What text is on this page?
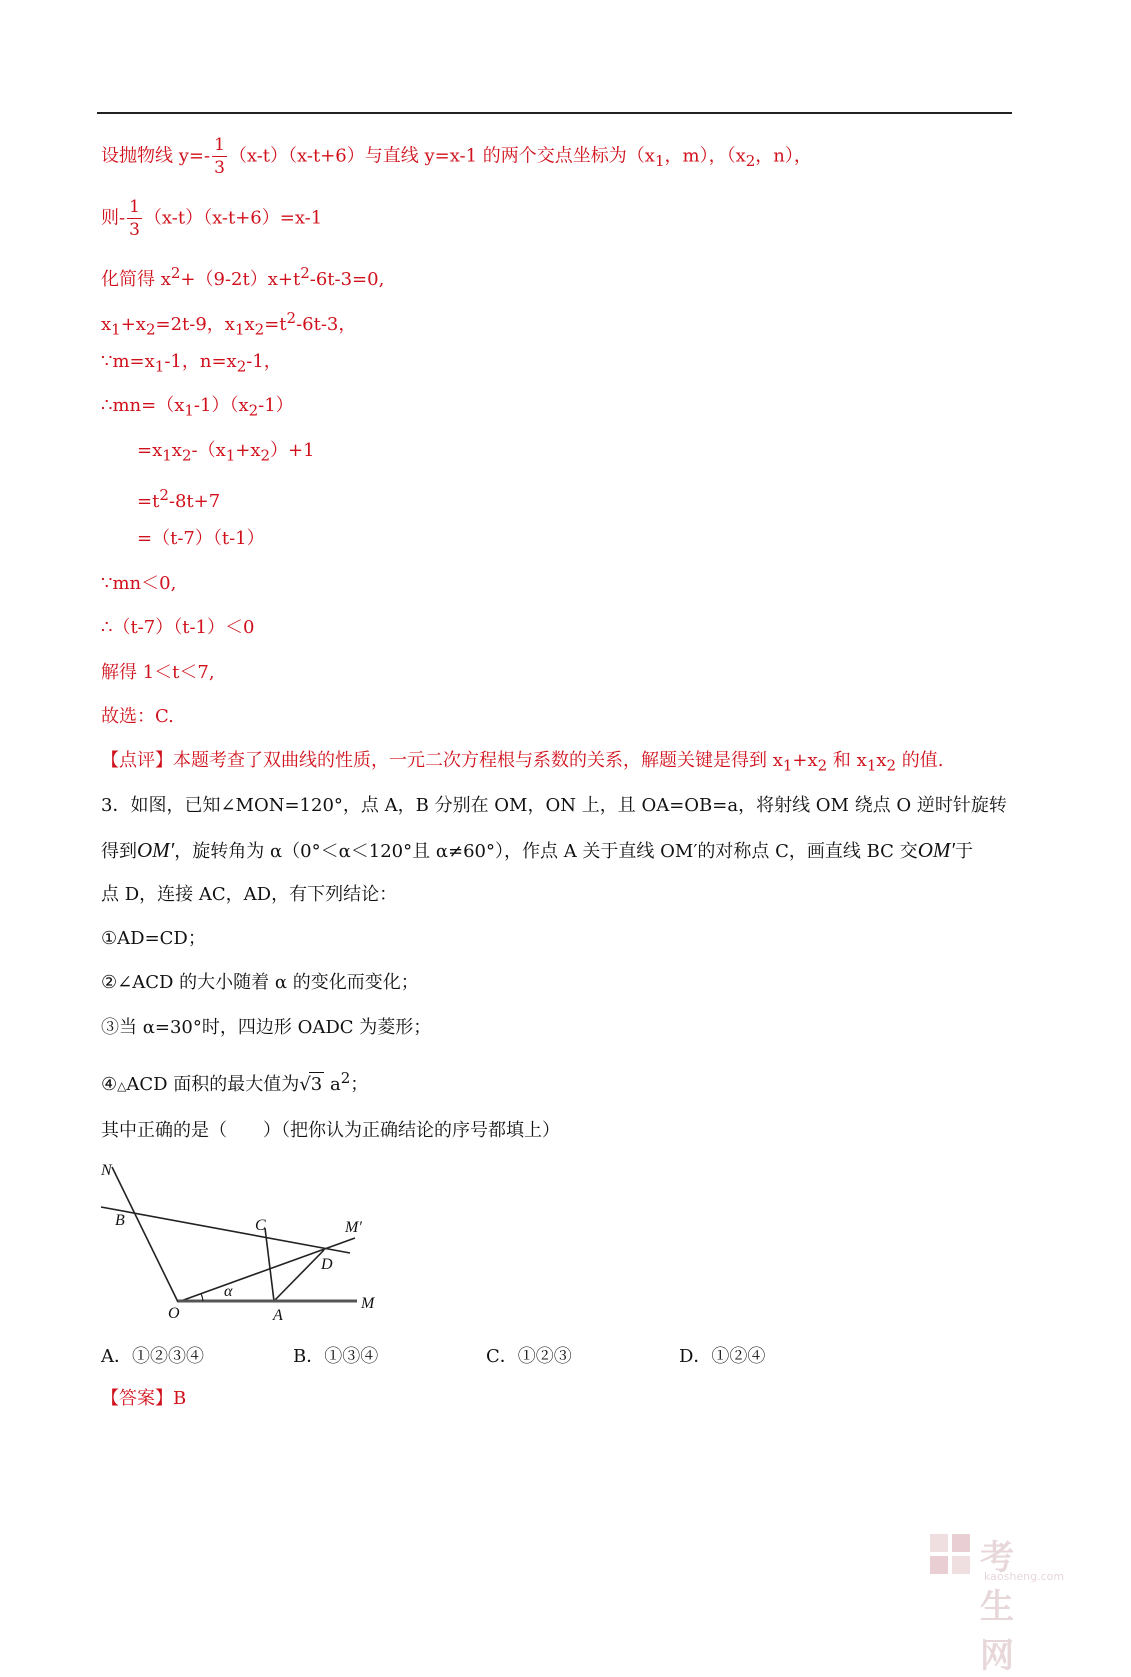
设抛物线 $y=- \frac{1}{3} (x-t)(x-t+6)$与直线 y=x-1 的两个交点坐标为（$x_1$，m），（$x_2$，n），
则- $\frac{1}{3} (x-t)(x-t+6)=x-1$
化简得 $x^2+(9-2t)x+t^2-6t-3=0$,
$x_1+x_2=2t-9$，$x_1x_2=t^2-6t-3$，
$\because m=x_1-1$，$n=x_2-1$，
$\therefore mn=(x_1-1)(x_2-1)$
$=x_1x_2-(x_1+x_2)+1$
$=t^2-8t+7$
=（t-7）（t-1）
∵mn＜0,
∴（t-7）（t-1）＜0
解得 1＜t＜7,
故选：C.
【点评】本题考查了双曲线的性质，一元二次方程根与系数的关系，解题关键是得到 $x_1+x_2$ 和 $x_1x_2$ 的值.
3．如图，已知∠MON=120°，点 A，B 分别在 OM，ON 上，且 OA=OB=a，将射线 OM 绕点 O 逆时针旋转
得到OM′，旋转角为 α（0°＜α＜120°且 α≠60°），作点 A 关于直线 OM′的对称点 C，画直线 BC 交OM′于
点 D，连接 AC，AD，有下列结论：
①AD=CD；
②∠ACD 的大小随着 α 的变化而变化；
③当 α=30°时，四边形 OADC 为菱形；
④△ACD 面积的最大值为√3 $a^2$；
其中正确的是（　　）（把你认为正确结论的序号都填上）
N
B	C	M′
D
α
O	A
M
A．①②③④	B．①③④	C．①②③	D．①②④
【答案】B
考生网
kaosheng.com
